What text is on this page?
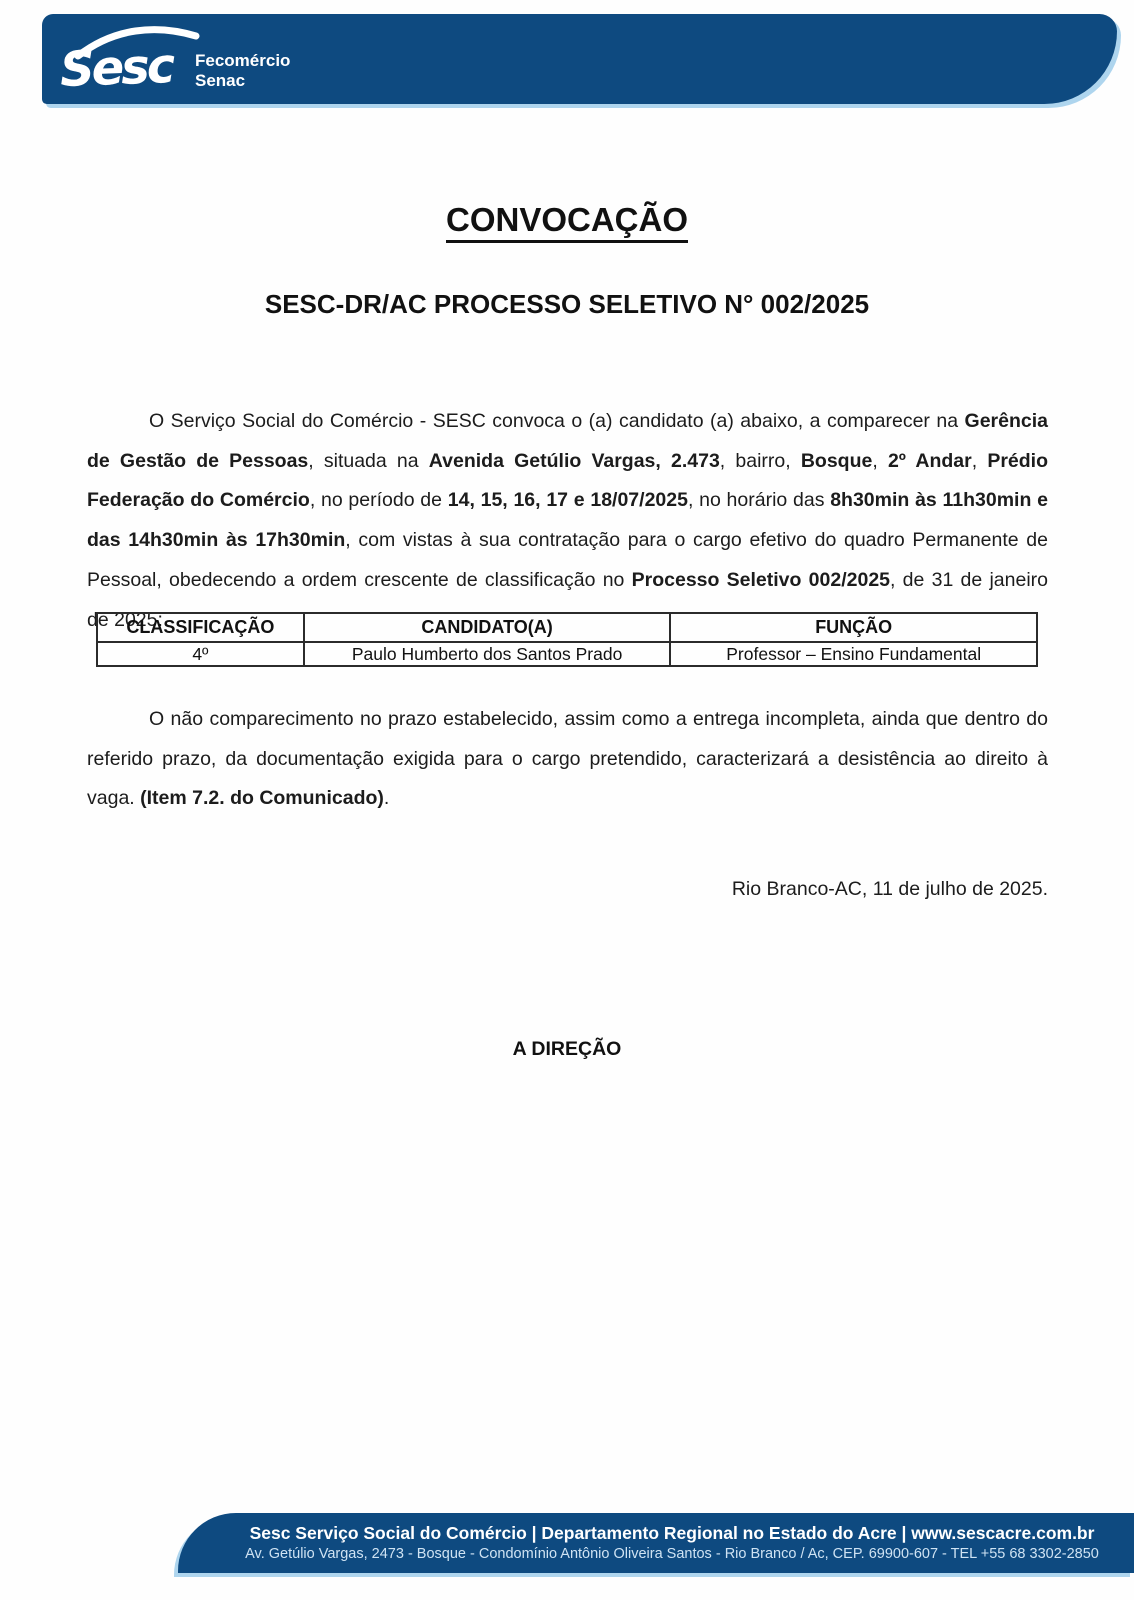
Sesc Fecomércio
Senac
CONVOCAÇÃO
SESC-DR/AC PROCESSO SELETIVO N° 002/2025
O Serviço Social do Comércio - SESC convoca o (a) candidato (a) abaixo, a comparecer na Gerência de Gestão de Pessoas, situada na Avenida Getúlio Vargas, 2.473, bairro, Bosque, 2º Andar, Prédio Federação do Comércio, no período de 14, 15, 16, 17 e 18/07/2025, no horário das 8h30min às 11h30min e das 14h30min às 17h30min, com vistas à sua contratação para o cargo efetivo do quadro Permanente de Pessoal, obedecendo a ordem crescente de classificação no Processo Seletivo 002/2025, de 31 de janeiro de 2025:
CLASSIFICAÇÃO	CANDIDATO(A)	FUNÇÃO
4º	Paulo Humberto dos Santos Prado	Professor – Ensino Fundamental
O não comparecimento no prazo estabelecido, assim como a entrega incompleta, ainda que dentro do referido prazo, da documentação exigida para o cargo pretendido, caracterizará a desistência ao direito à vaga. (Item 7.2. do Comunicado).
Rio Branco-AC, 11 de julho de 2025.
A DIREÇÃO
Sesc Serviço Social do Comércio | Departamento Regional no Estado do Acre | www.sescacre.com.br
Av. Getúlio Vargas, 2473 - Bosque - Condomínio Antônio Oliveira Santos - Rio Branco / Ac, CEP. 69900-607 - TEL +55 68 3302-2850
